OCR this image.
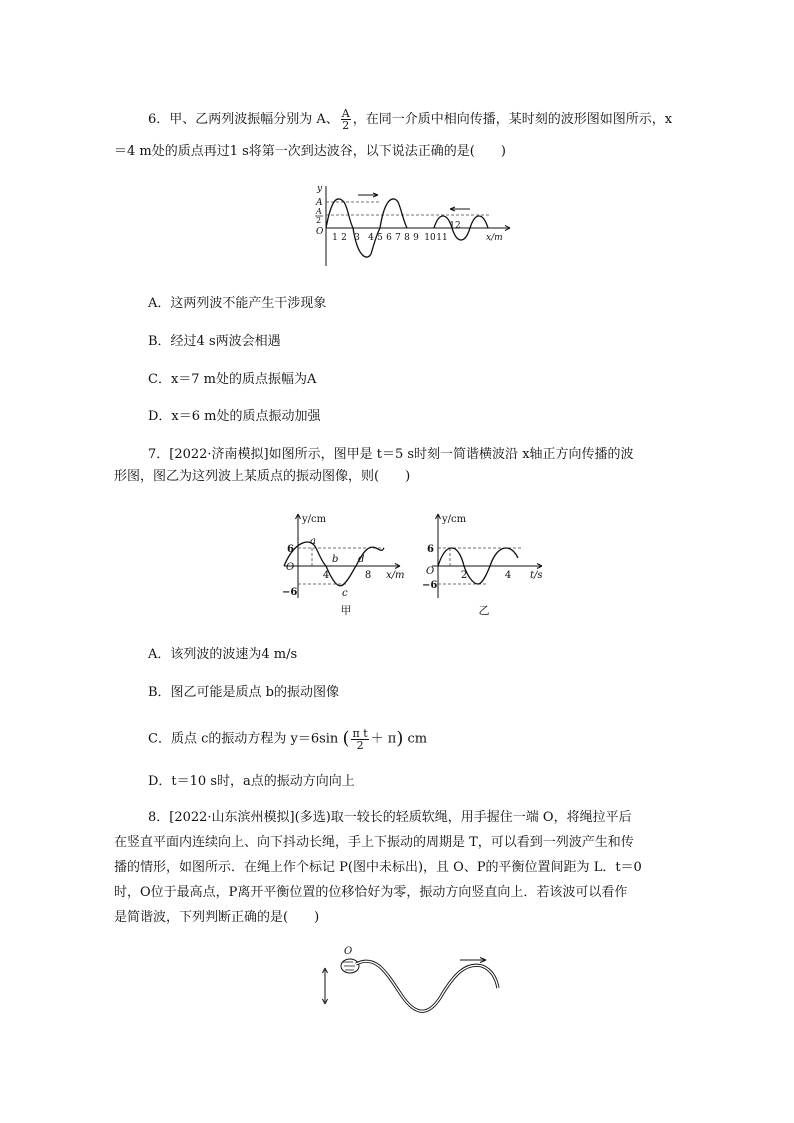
6．甲、乙两列波振幅分别为 A、 $\frac{A}{2}$ ，在同一介质中相向传播，某时刻的波形图如图所示，x
＝4 m处的质点再过1 s将第一次到达波谷，以下说法正确的是(　　)
y
x/m
O
A
A
2
1 2 3 4 5 6 7 8 9 10 11
12
A．这两列波不能产生干涉现象
B．经过4 s两波会相遇
C．x＝7 m处的质点振幅为A
D．x＝6 m处的质点振动加强
7．[2022·济南模拟]如图所示，图甲是 t＝5 s时刻一简谐横波沿 x轴正方向传播的波
形图，图乙为这列波上某质点的振动图像，则(　　)
y/cm
x/m
O
6
−6
a
b
c
d
4	8
甲
y/cm
t/s
O
6
−6
2	4
乙
A．该列波的波速为4 m/s
B．图乙可能是质点 b的振动图像
C．质点 c的振动方程为 y＝6sin ( $\frac{\text{π t}}{2} + \pi$) cm
D．t＝10 s时，a点的振动方向向上
8．[2022·山东滨州模拟](多选)取一较长的轻质软绳，用手握住一端 O，将绳拉平后
在竖直平面内连续向上、向下抖动长绳，手上下振动的周期是 T，可以看到一列波产生和传
播的情形，如图所示．在绳上作个标记 P(图中未标出)，且 O、P的平衡位置间距为 L．t＝0
时，O位于最高点，P离开平衡位置的位移恰好为零，振动方向竖直向上．若该波可以看作
是简谐波，下列判断正确的是(　　)
O
